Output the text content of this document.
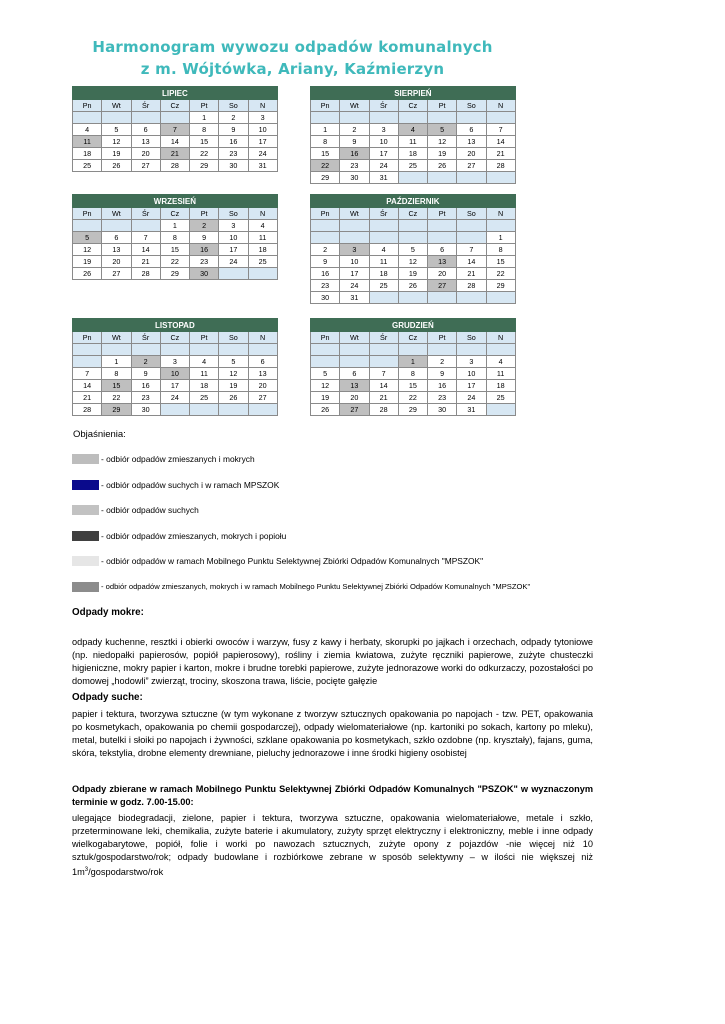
Harmonogram wywozu odpadów komunalnych
z m. Wójtówka, Ariany, Kaźmierzyn
LIPIEC						
Pn	Wt	Śr	Cz	Pt	So	N
				1	2	3
4	5	6	7	8	9	10
11	12	13	14	15	16	17
18	19	20	21	22	23	24
25	26	27	28	29	30	31
SIERPIEŃ						
Pn	Wt	Śr	Cz	Pt	So	N

1	2	3	4	5	6	7
8	9	10	11	12	13	14
15	16	17	18	19	20	21
22	23	24	25	26	27	28
29	30	31				
WRZESIEŃ						
Pn	Wt	Śr	Cz	Pt	So	N
			1	2	3	4
5	6	7	8	9	10	11
12	13	14	15	16	17	18
19	20	21	22	23	24	25
26	27	28	29	30		
PAŹDZIERNIK						
Pn	Wt	Śr	Cz	Pt	So	N

						1
2	3	4	5	6	7	8
9	10	11	12	13	14	15
16	17	18	19	20	21	22
23	24	25	26	27	28	29
30	31					
LISTOPAD						
Pn	Wt	Śr	Cz	Pt	So	N

	1	2	3	4	5	6
7	8	9	10	11	12	13
14	15	16	17	18	19	20
21	22	23	24	25	26	27
28	29	30				
GRUDZIEŃ						
Pn	Wt	Śr	Cz	Pt	So	N

			1	2	3	4
5	6	7	8	9	10	11
12	13	14	15	16	17	18
19	20	21	22	23	24	25
26	27	28	29	30	31	
Objaśnienia:
- odbiór odpadów zmieszanych i mokrych
- odbiór odpadów suchych i w ramach MPSZOK
- odbiór odpadów suchych
- odbiór odpadów zmieszanych, mokrych i popiołu
- odbiór odpadów w ramach Mobilnego Punktu Selektywnej Zbiórki Odpadów Komunalnych "MPSZOK"
- odbiór odpadów zmieszanych, mokrych i w ramach Mobilnego Punktu Selektywnej Zbiórki Odpadów Komunalnych "MPSZOK"
Odpady mokre:
odpady kuchenne, resztki i obierki owoców i warzyw, fusy z kawy i herbaty, skorupki po jajkach i orzechach, odpady tytoniowe (np. niedopałki papierosów, popiół papierosowy), rośliny i ziemia kwiatowa, zużyte ręczniki papierowe, zużyte chusteczki higieniczne, mokry papier i karton, mokre i brudne torebki papierowe, zużyte jednorazowe worki do odkurzaczy, pozostałości po domowej „hodowli” zwierząt, trociny, skoszona trawa, liście, pocięte gałęzie
Odpady suche:
papier i tektura, tworzywa sztuczne (w tym wykonane z tworzyw sztucznych opakowania po napojach - tzw. PET, opakowania po kosmetykach, opakowania po chemii gospodarczej), odpady wielomateriałowe (np. kartoniki po sokach, kartony po mleku), metal, butelki i słoiki po napojach i żywności, szklane opakowania po kosmetykach, szkło ozdobne (np. kryształy), fajans, guma, skóra, tekstylia, drobne elementy drewniane, pieluchy jednorazowe i inne środki higieny osobistej
Odpady zbierane w ramach Mobilnego Punktu Selektywnej Zbiórki Odpadów Komunalnych "PSZOK" w wyznaczonym terminie w godz. 7.00-15.00:
ulegające biodegradacji, zielone, papier i tektura, tworzywa sztuczne, opakowania wielomateriałowe, metale i szkło, przeterminowane leki, chemikalia, zużyte baterie i akumulatory, zużyty sprzęt elektryczny i elektroniczny, meble i inne odpady wielkogabarytowe, popiół, folie i worki po nawozach sztucznych, zużyte opony z pojazdów -nie więcej niż 10 sztuk/gospodarstwo/rok; odpady budowlane i rozbiórkowe zebrane w sposób selektywny – w ilości nie większej niż $1m^3/gospodarstwo$/rok
